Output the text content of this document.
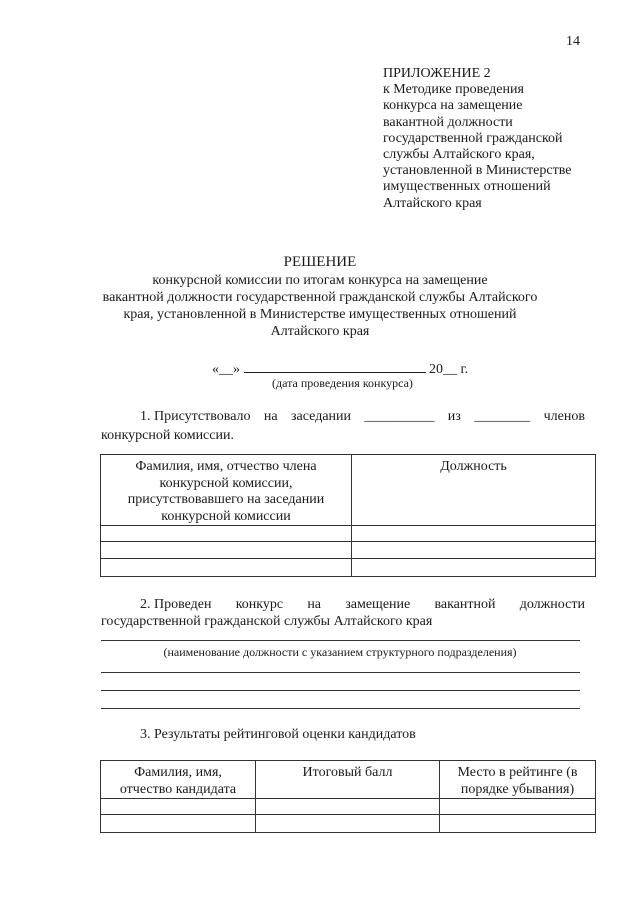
14
ПРИЛОЖЕНИЕ 2
к Методике проведения
конкурса на замещение
вакантной должности
государственной гражданской
службы Алтайского края,
установленной в Министерстве
имущественных отношений
Алтайского края
РЕШЕНИЕ
конкурсной комиссии по итогам конкурса на замещение
вакантной должности государственной гражданской службы Алтайского
края, установленной в Министерстве имущественных отношений
Алтайского края
«__»	20__ г.
(дата проведения конкурса)
1. Присутствовало на заседании __________ из ________ членов
конкурсной комиссии.
Фамилия, имя, отчество члена конкурсной комиссии, присутствовавшего на заседании конкурсной комиссии	Должность

2. Проведен конкурс на замещение вакантной должности
государственной гражданской службы Алтайского края
(наименование должности с указанием структурного подразделения)
3. Результаты рейтинговой оценки кандидатов
Фамилия, имя, отчество кандидата	Итоговый балл	Место в рейтинге (в порядке убывания)
